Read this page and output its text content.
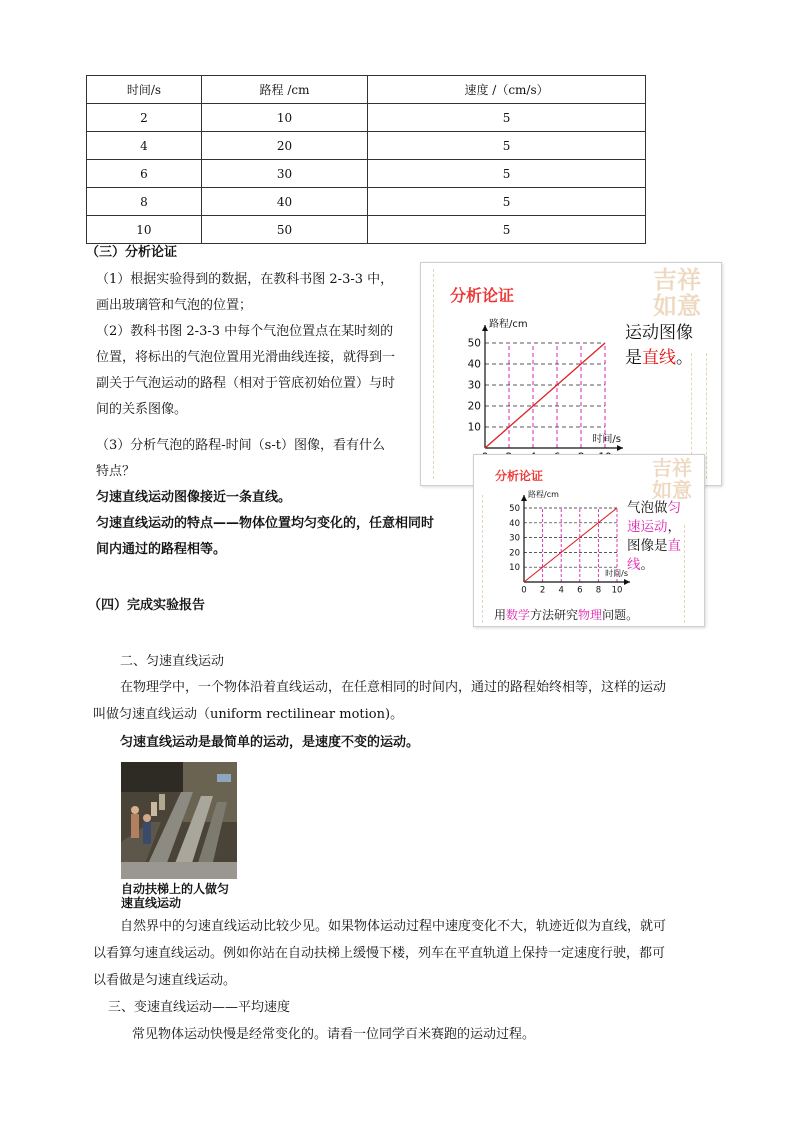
时间/s	路程 /cm	速度 /（cm/s）
2	10	5
4	20	5
6	30	5
8	40	5
10	50	5
（三）分析论证
（1）根据实验得到的数据，在教科书图 2-3-3 中，
画出玻璃管和气泡的位置；
（2）教科书图 2-3-3 中每个气泡位置点在某时刻的
位置，将标出的气泡位置用光滑曲线连接，就得到一
副关于气泡运动的路程（相对于管底初始位置）与时
间的关系图像。
（3）分析气泡的路程-时间（s-t）图像，看有什么
特点？
匀速直线运动图像接近一条直线。
匀速直线运动的特点——物体位置均匀变化的，任意相同时
间内通过的路程相等。
（四）完成实验报告
吉祥
如意
分析论证
10
20
30
40
50
路程/cm
时间/s
运动图像
是直线。
吉祥
如意
分析论证
0 2 4 6 8 10
10
20
30
40
50
路程/cm
时间/s
气泡做匀
速运动，
图像是直
线。
用数学方法研究物理问题。
二、匀速直线运动
在物理学中，一个物体沿着直线运动，在任意相同的时间内，通过的路程始终相等，这样的运动
叫做匀速直线运动（uniform rectilinear motion)。
匀速直线运动是最简单的运动，是速度不变的运动。
自动扶梯上的人做匀
速直线运动
自然界中的匀速直线运动比较少见。如果物体运动过程中速度变化不大，轨迹近似为直线，就可
以看算匀速直线运动。例如你站在自动扶梯上缓慢下楼，列车在平直轨道上保持一定速度行驶，都可
以看做是匀速直线运动。
三、变速直线运动——平均速度
常见物体运动快慢是经常变化的。请看一位同学百米赛跑的运动过程。
